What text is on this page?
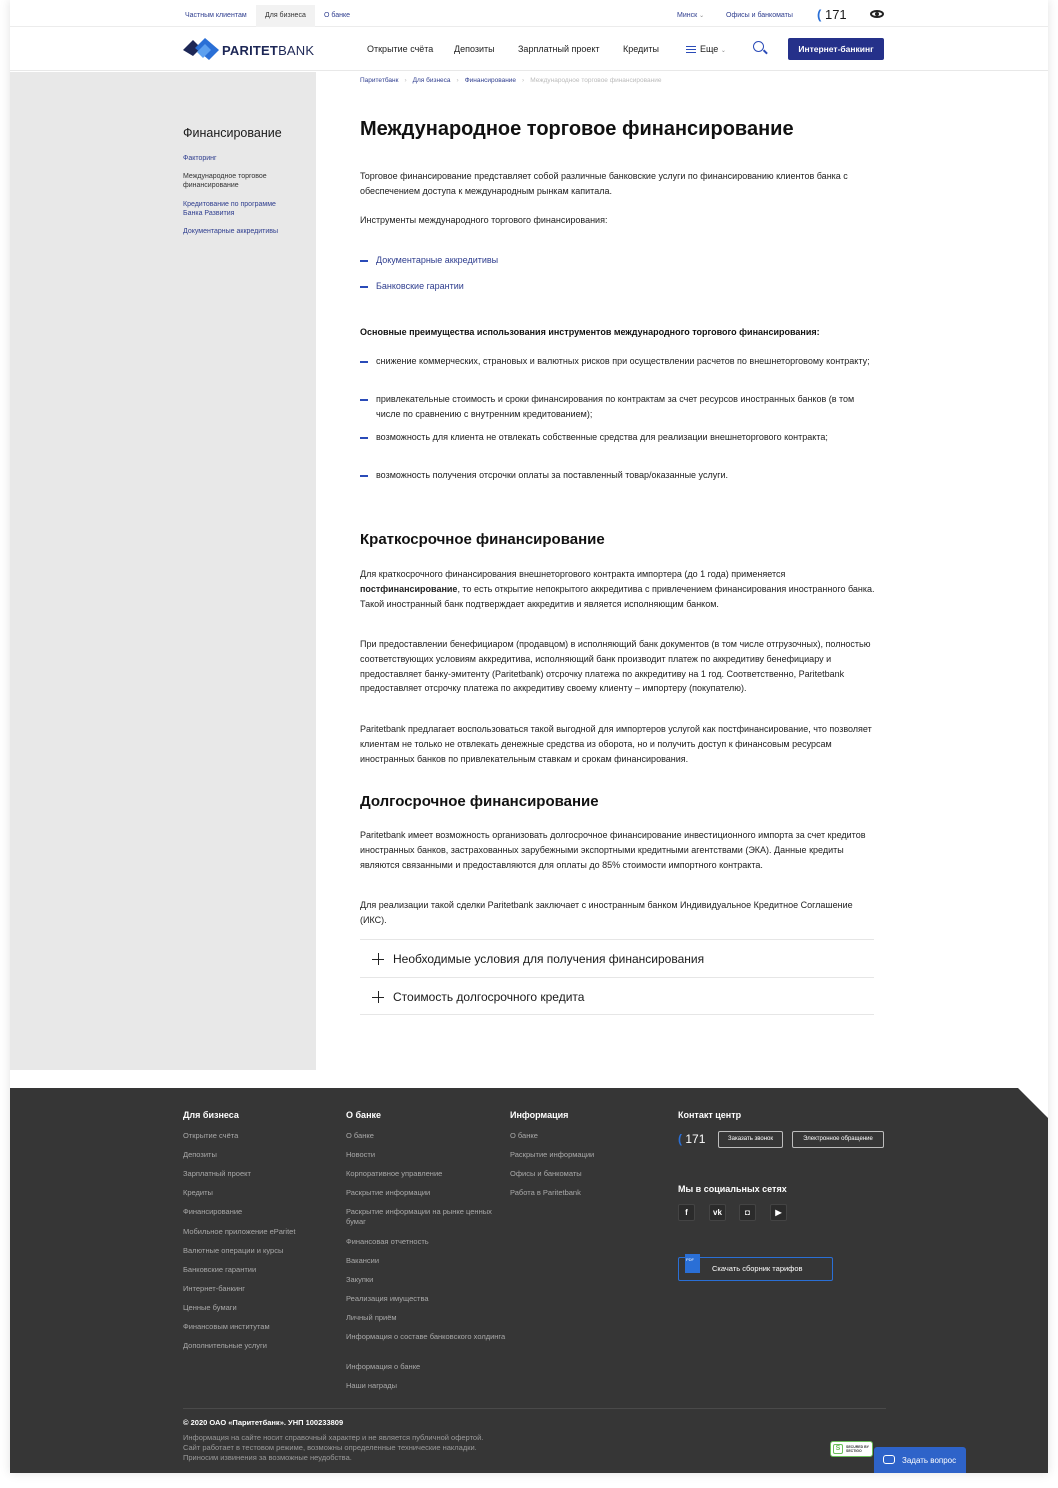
Частным клиентам	Для бизнеса	О банке	Минск ⌄	Офисы и банкоматы ( 171
PARITETBANK	Открытие счёта Депозиты	Зарплатный проект	Кредиты	Еще ⌄	Интернет-банкинг
Финансирование
Факторинг
Международное торговое финансирование
Кредитование по программе Банка Развития
Документарные аккредитивы
Паритетбанк › Для бизнеса › Финансирование › Международное торговое финансирование
Международное торговое финансирование

Торговое финансирование представляет собой различные банковские услуги по финансированию клиентов банка с обеспечением доступа к международным рынкам капитала.

Инструменты международного торгового финансирования:

Документарные аккредитивы
Банковские гарантии
Основные преимущества использования инструментов международного торгового финансирования:
снижение коммерческих, страновых и валютных рисков при осуществлении расчетов по внешнеторговому контракту;
привлекательные стоимость и сроки финансирования по контрактам за счет ресурсов иностранных банков (в том числе по сравнению с внутренним кредитованием);
возможность для клиента не отвлекать собственные средства для реализации внешнеторгового контракта;
возможность получения отсрочки оплаты за поставленный товар/оказанные услуги.
Краткосрочное финансирование

Для краткосрочного финансирования внешнеторгового контракта импортера (до 1 года) применяется постфинансирование, то есть открытие непокрытого аккредитива с привлечением финансирования иностранного банка. Такой иностранный банк подтверждает аккредитив и является исполняющим банком.

При предоставлении бенефициаром (продавцом) в исполняющий банк документов (в том числе отгрузочных), полностью соответствующих условиям аккредитива, исполняющий банк производит платеж по аккредитиву бенефициару и предоставляет банку-эмитенту (Paritetbank) отсрочку платежа по аккредитиву на 1 год. Соответственно, Paritetbank предоставляет отсрочку платежа по аккредитиву своему клиенту – импортеру (покупателю).

Paritetbank предлагает воспользоваться такой выгодной для импортеров услугой как постфинансирование, что позволяет клиентам не только не отвлекать денежные средства из оборота, но и получить доступ к финансовым ресурсам иностранных банков по привлекательным ставкам и срокам финансирования.

Долгосрочное финансирование

Paritetbank имеет возможность организовать долгосрочное финансирование инвестиционного импорта за счет кредитов иностранных банков, застрахованных зарубежными экспортными кредитными агентствами (ЭКА). Данные кредиты являются связанными и предоставляются для оплаты до 85% стоимости импортного контракта.

Для реализации такой сделки Paritetbank заключает с иностранным банком Индивидуальное Кредитное Соглашение (ИКС).

Необходимые условия для получения финансирования
Стоимость долгосрочного кредита
Для бизнеса
Открытие счёта
Депозиты
Зарплатный проект
Кредиты
Финансирование
Мобильное приложение eParitet
Валютные операции и курсы
Банковские гарантии
Интернет-банкинг
Ценные бумаги
Финансовым институтам
Дополнительные услуги
О банке
О банке
Новости
Корпоративное управление
Раскрытие информации
Раскрытие информации на рынке ценных бумаг
Финансовая отчетность
Вакансии
Закупки
Реализация имущества
Личный приём
Информация о составе банковского холдинга
Информация о банке
Наши награды
Информация
О банке
Раскрытие информации
Офисы и банкоматы
Работа в Paritetbank
Контакт центр
( 171	Заказать звонок	Электронное обращение
Мы в социальных сетях
f	vk	◘	▶
PDF
Скачать сборник тарифов
© 2020 ОАО «Паритетбанк». УНП 100233809
Информация на сайте носит справочный характер и не является публичной офертой.
Сайт работает в тестовом режиме, возможны определенные технические накладки.
Приносим извинения за возможные неудобства.
S	SECURED BY SECTIGO
Задать вопрос
